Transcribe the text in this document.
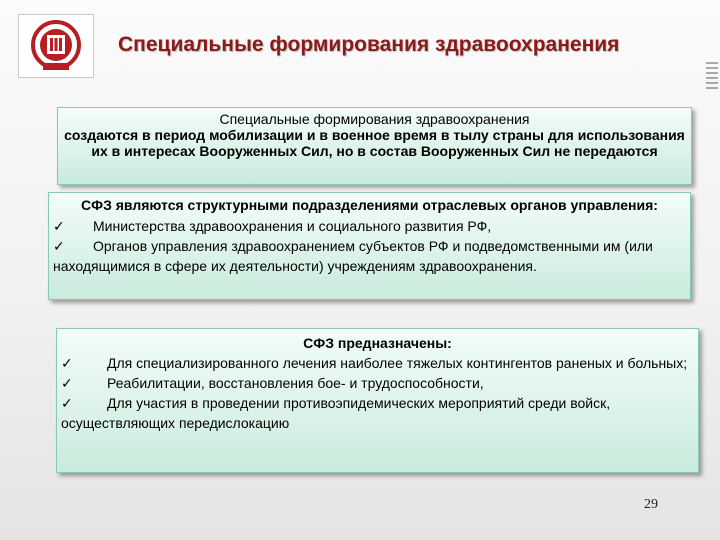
Специальные формирования здравоохранения
Специальные формирования здравоохранения
создаются в период мобилизации и в военное время в тылу страны для использования их в интересах Вооруженных Сил, но в состав Вооруженных Сил не передаются
СФЗ являются структурными подразделениями отраслевых органов управления:
✓ Министерства здравоохранения и социального развития РФ,
✓ Органов управления здравоохранением субъектов РФ и подведомственными им (или находящимися в сфере их деятельности) учреждениям здравоохранения.
СФЗ предназначены:
✓ Для специализированного лечения наиболее тяжелых контингентов раненых и больных;
✓ Реабилитации, восстановления бое- и трудоспособности,
✓ Для участия в проведении противоэпидемических мероприятий среди войск, осуществляющих передислокацию
29
